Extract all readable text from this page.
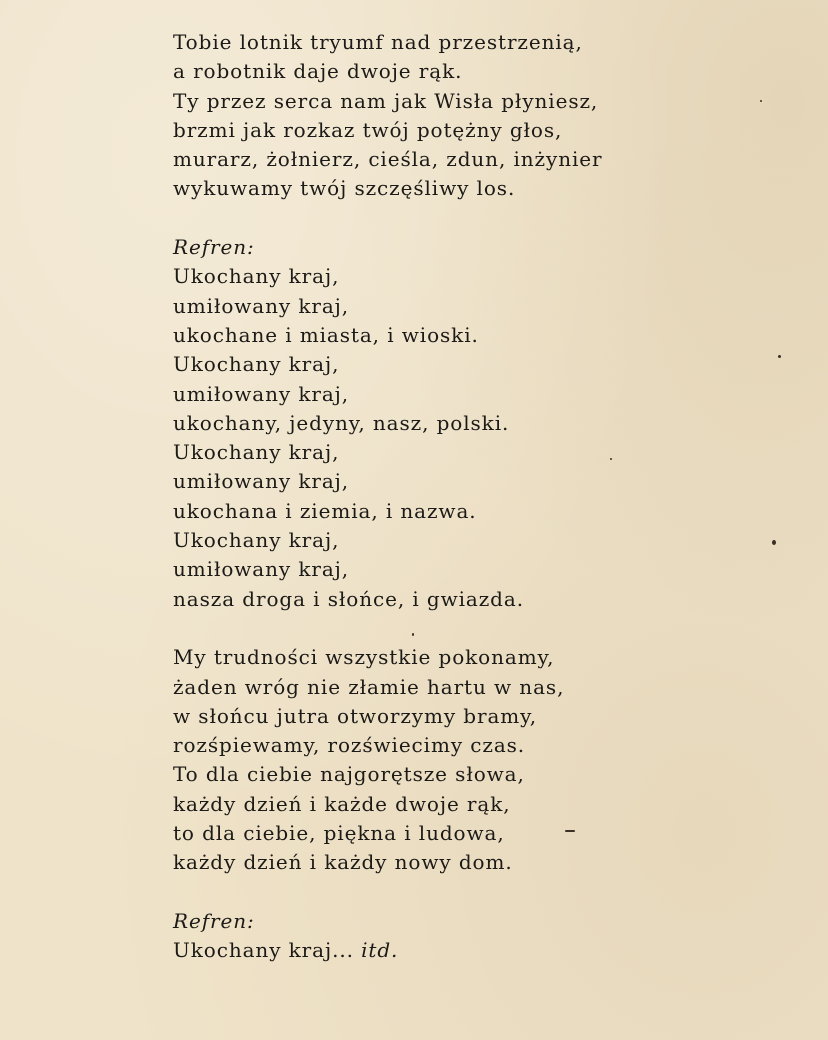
Tobie lotnik tryumf nad przestrzenią,
a robotnik daje dwoje rąk.
Ty przez serca nam jak Wisła płyniesz,
brzmi jak rozkaz twój potężny głos,
murarz, żołnierz, cieśla, zdun, inżynier
wykuwamy twój szczęśliwy los.
Refren:
Ukochany kraj,
umiłowany kraj,
ukochane i miasta, i wioski.
Ukochany kraj,
umiłowany kraj,
ukochany, jedyny, nasz, polski.
Ukochany kraj,
umiłowany kraj,
ukochana i ziemia, i nazwa.
Ukochany kraj,
umiłowany kraj,
nasza droga i słońce, i gwiazda.
My trudności wszystkie pokonamy,
żaden wróg nie złamie hartu w nas,
w słońcu jutra otworzymy bramy,
rozśpiewamy, rozświecimy czas.
To dla ciebie najgorętsze słowa,
każdy dzień i każde dwoje rąk,
to dla ciebie, piękna i ludowa,
każdy dzień i każdy nowy dom.
Refren:
Ukochany kraj... itd.
